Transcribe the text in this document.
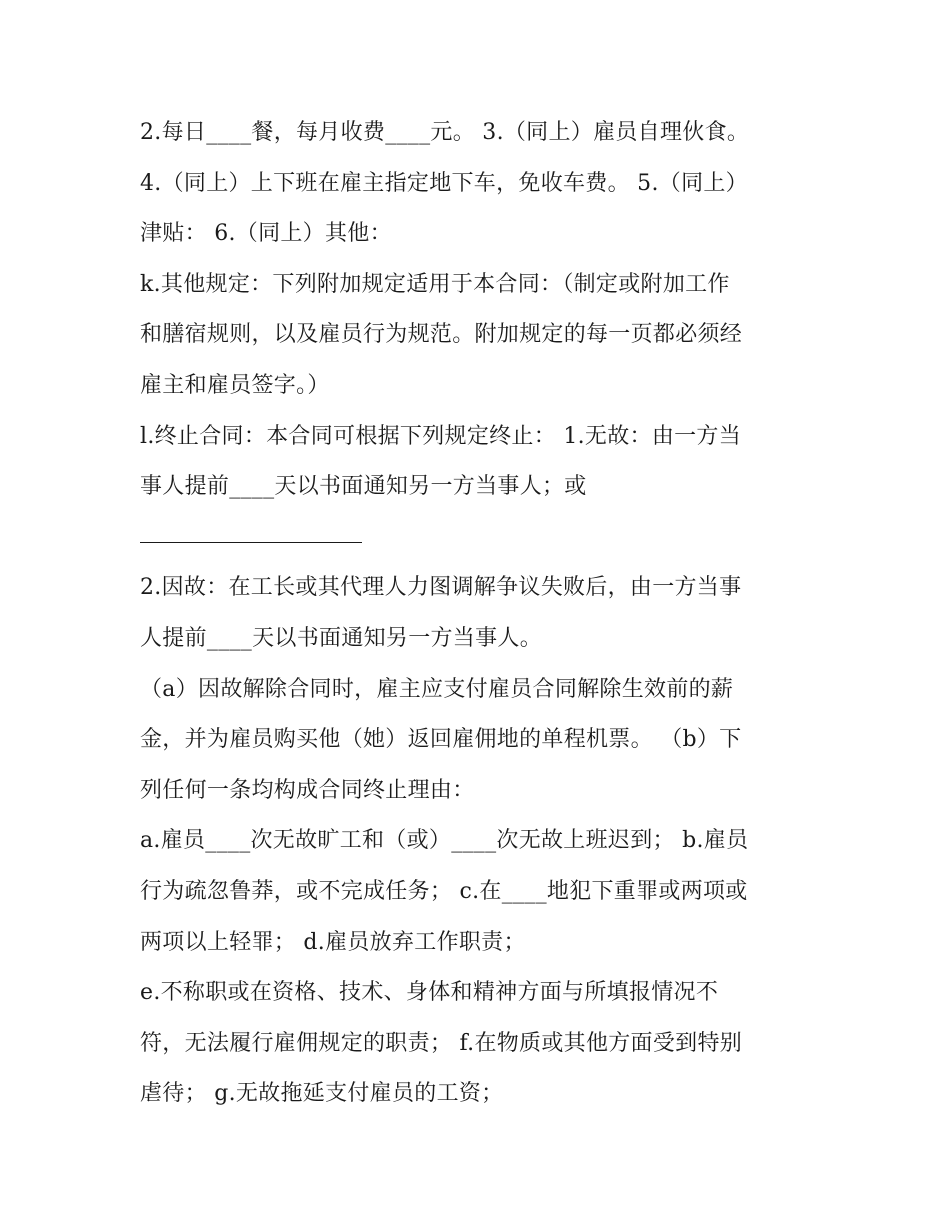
2.每日____餐，每月收费____元。 3.（同上）雇员自理伙食。
4.（同上）上下班在雇主指定地下车，免收车费。 5.（同上）
津贴： 6.（同上）其他：
k.其他规定：下列附加规定适用于本合同：（制定或附加工作
和膳宿规则，以及雇员行为规范。附加规定的每一页都必须经
雇主和雇员签字。）
l.终止合同：本合同可根据下列规定终止： 1.无故：由一方当
事人提前____天以书面通知另一方当事人；或
2.因故：在工长或其代理人力图调解争议失败后，由一方当事
人提前____天以书面通知另一方当事人。
（a）因故解除合同时，雇主应支付雇员合同解除生效前的薪
金，并为雇员购买他（她）返回雇佣地的单程机票。 （b）下
列任何一条均构成合同终止理由：
a.雇员____次无故旷工和（或）____次无故上班迟到； b.雇员
行为疏忽鲁莽，或不完成任务； c.在____地犯下重罪或两项或
两项以上轻罪； d.雇员放弃工作职责；
e.不称职或在资格、技术、身体和精神方面与所填报情况不
符，无法履行雇佣规定的职责； f.在物质或其他方面受到特别
虐待； g.无故拖延支付雇员的工资；
